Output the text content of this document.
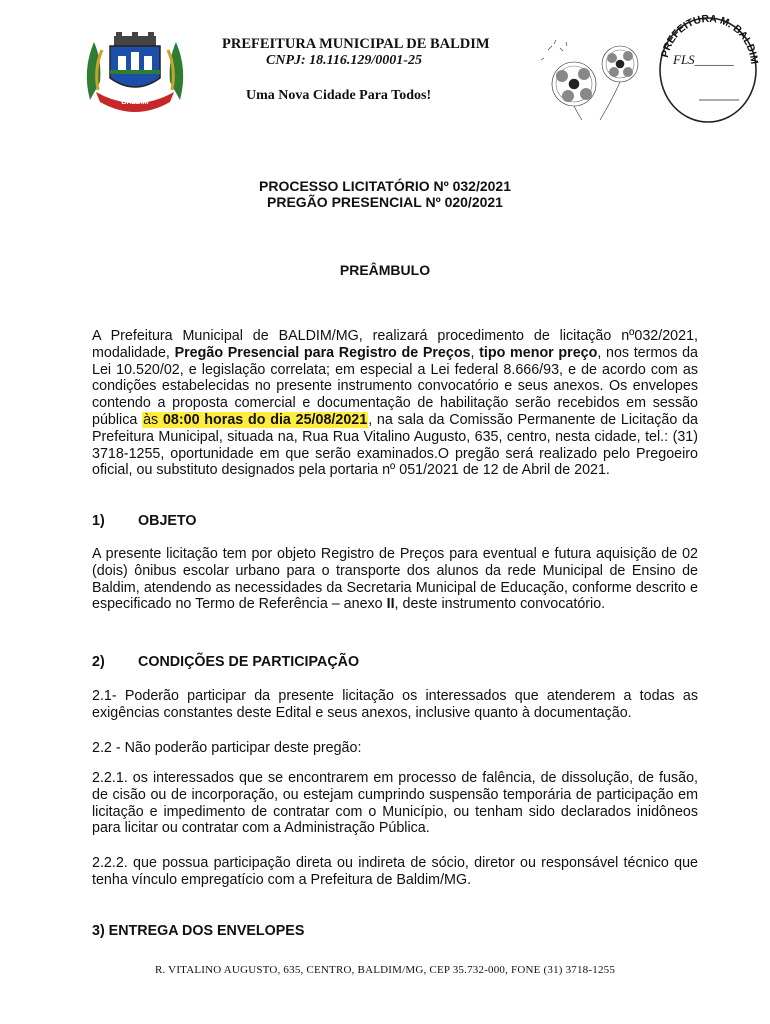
BALDIM
PREFEITURA MUNICIPAL DE BALDIM
CNPJ: 18.116.129/0001-25
Uma Nova Cidade Para Todos!
PREFEITURA M. BALDIM
FLS______
PROCESSO LICITATÓRIO Nº 032/2021
PREGÃO PRESENCIAL Nº 020/2021
PREÂMBULO
A Prefeitura Municipal de BALDIM/MG, realizará procedimento de licitação nº032/2021, modalidade, Pregão Presencial para Registro de Preços, tipo menor preço, nos termos da Lei 10.520/02, e legislação correlata; em especial a Lei federal 8.666/93, e de acordo com as condições estabelecidas no presente instrumento convocatório e seus anexos. Os envelopes contendo a proposta comercial e documentação de habilitação serão recebidos em sessão pública às 08:00 horas do dia 25/08/2021, na sala da Comissão Permanente de Licitação da Prefeitura Municipal, situada na, Rua Rua Vitalino Augusto, 635, centro, nesta cidade, tel.: (31) 3718-1255, oportunidade em que serão examinados.O pregão será realizado pelo Pregoeiro oficial, ou substituto designados pela portaria nº 051/2021 de 12 de Abril de 2021.
1) OBJETO
A presente licitação tem por objeto Registro de Preços para eventual e futura aquisição de 02 (dois) ônibus escolar urbano para o transporte dos alunos da rede Municipal de Ensino de Baldim, atendendo as necessidades da Secretaria Municipal de Educação, conforme descrito e especificado no Termo de Referência – anexo II, deste instrumento convocatório.
2) CONDIÇÕES DE PARTICIPAÇÃO
2.1- Poderão participar da presente licitação os interessados que atenderem a todas as exigências constantes deste Edital e seus anexos, inclusive quanto à documentação.
2.2 - Não poderão participar deste pregão:
2.2.1. os interessados que se encontrarem em processo de falência, de dissolução, de fusão, de cisão ou de incorporação, ou estejam cumprindo suspensão temporária de participação em licitação e impedimento de contratar com o Município, ou tenham sido declarados inidôneos para licitar ou contratar com a Administração Pública.
2.2.2. que possua participação direta ou indireta de sócio, diretor ou responsável técnico que tenha vínculo empregatício com a Prefeitura de Baldim/MG.
3) ENTREGA DOS ENVELOPES
R. VITALINO AUGUSTO, 635, CENTRO, BALDIM/MG, CEP 35.732-000, FONE (31) 3718-1255
